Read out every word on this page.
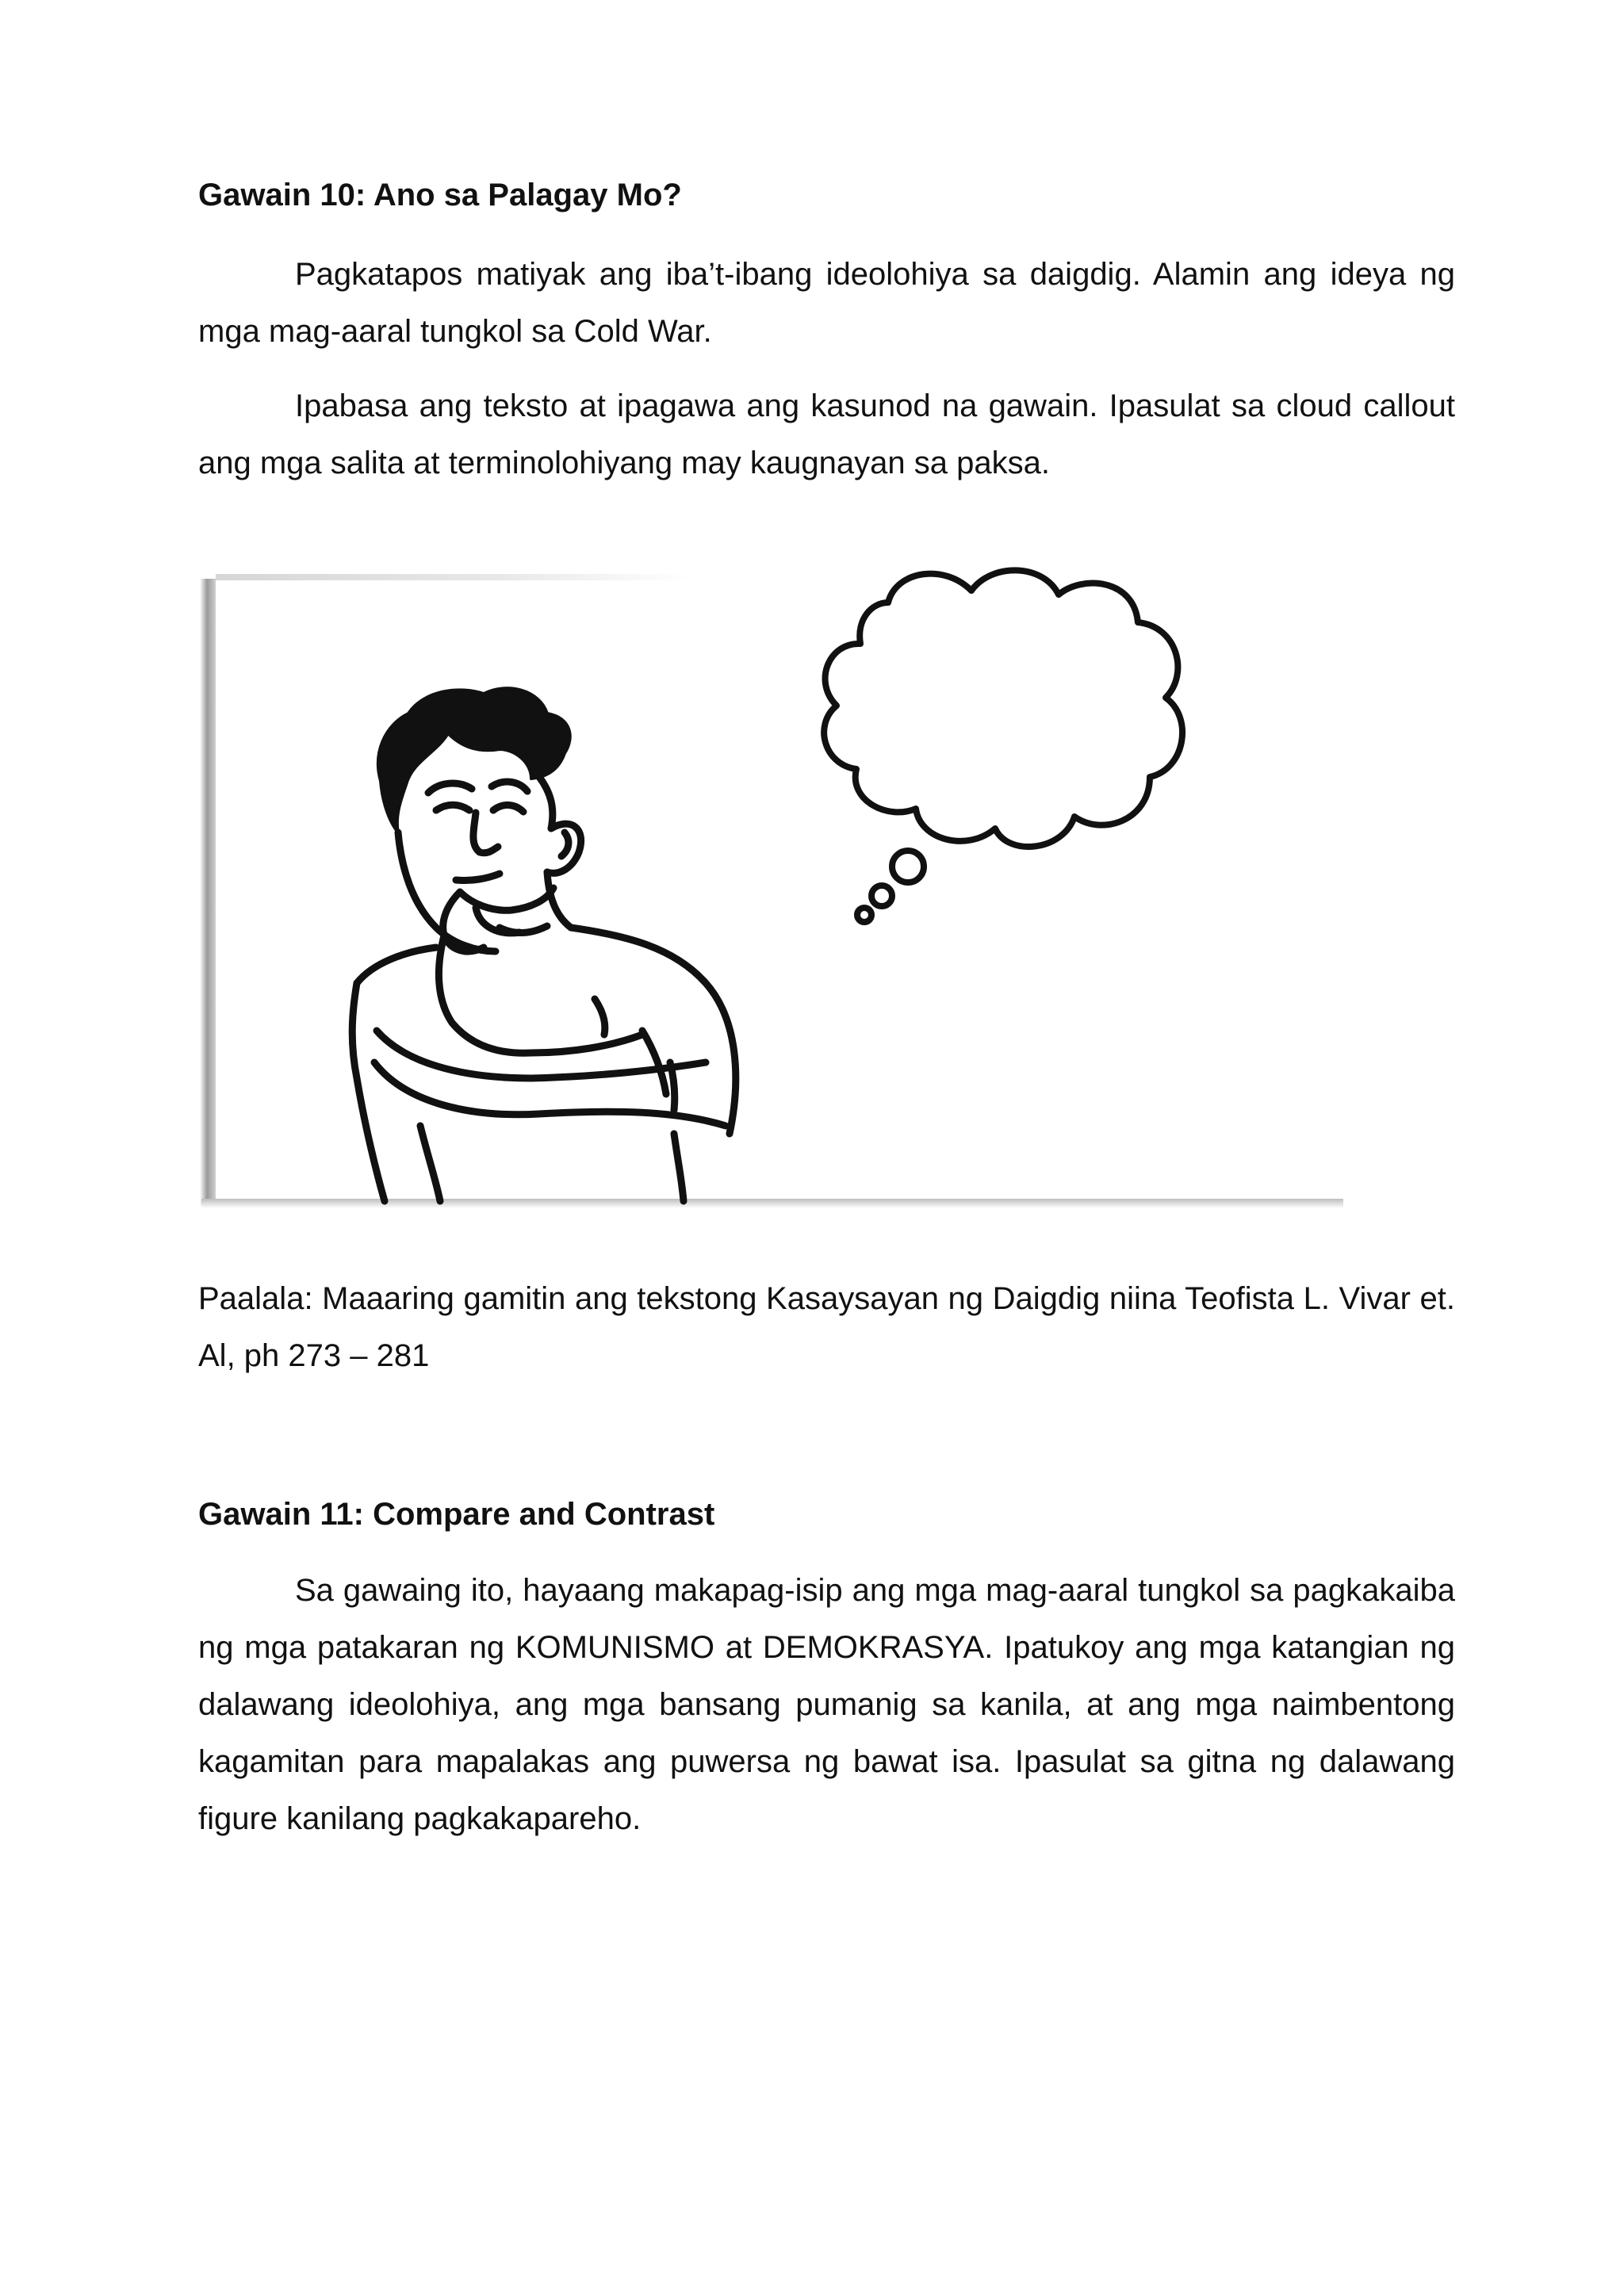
Gawain 10: Ano sa Palagay Mo?

Pagkatapos matiyak ang iba’t-ibang ideolohiya sa daigdig. Alamin ang ideya ng mga mag-aaral tungkol sa Cold War.

Ipabasa ang teksto at ipagawa ang kasunod na gawain. Ipasulat sa cloud callout ang mga salita at terminolohiyang may kaugnayan sa paksa.

Paalala: Maaaring gamitin ang tekstong Kasaysayan ng Daigdig niina Teofista L. Vivar et. Al, ph 273 – 281

Gawain 11: Compare and Contrast

Sa gawaing ito, hayaang makapag-isip ang mga mag-aaral tungkol sa pagkakaiba ng mga patakaran ng KOMUNISMO at DEMOKRASYA. Ipatukoy ang mga katangian ng dalawang ideolohiya, ang mga bansang pumanig sa kanila, at ang mga naimbentong kagamitan para mapalakas ang puwersa ng bawat isa. Ipasulat sa gitna ng dalawang figure kanilang pagkakapareho.
